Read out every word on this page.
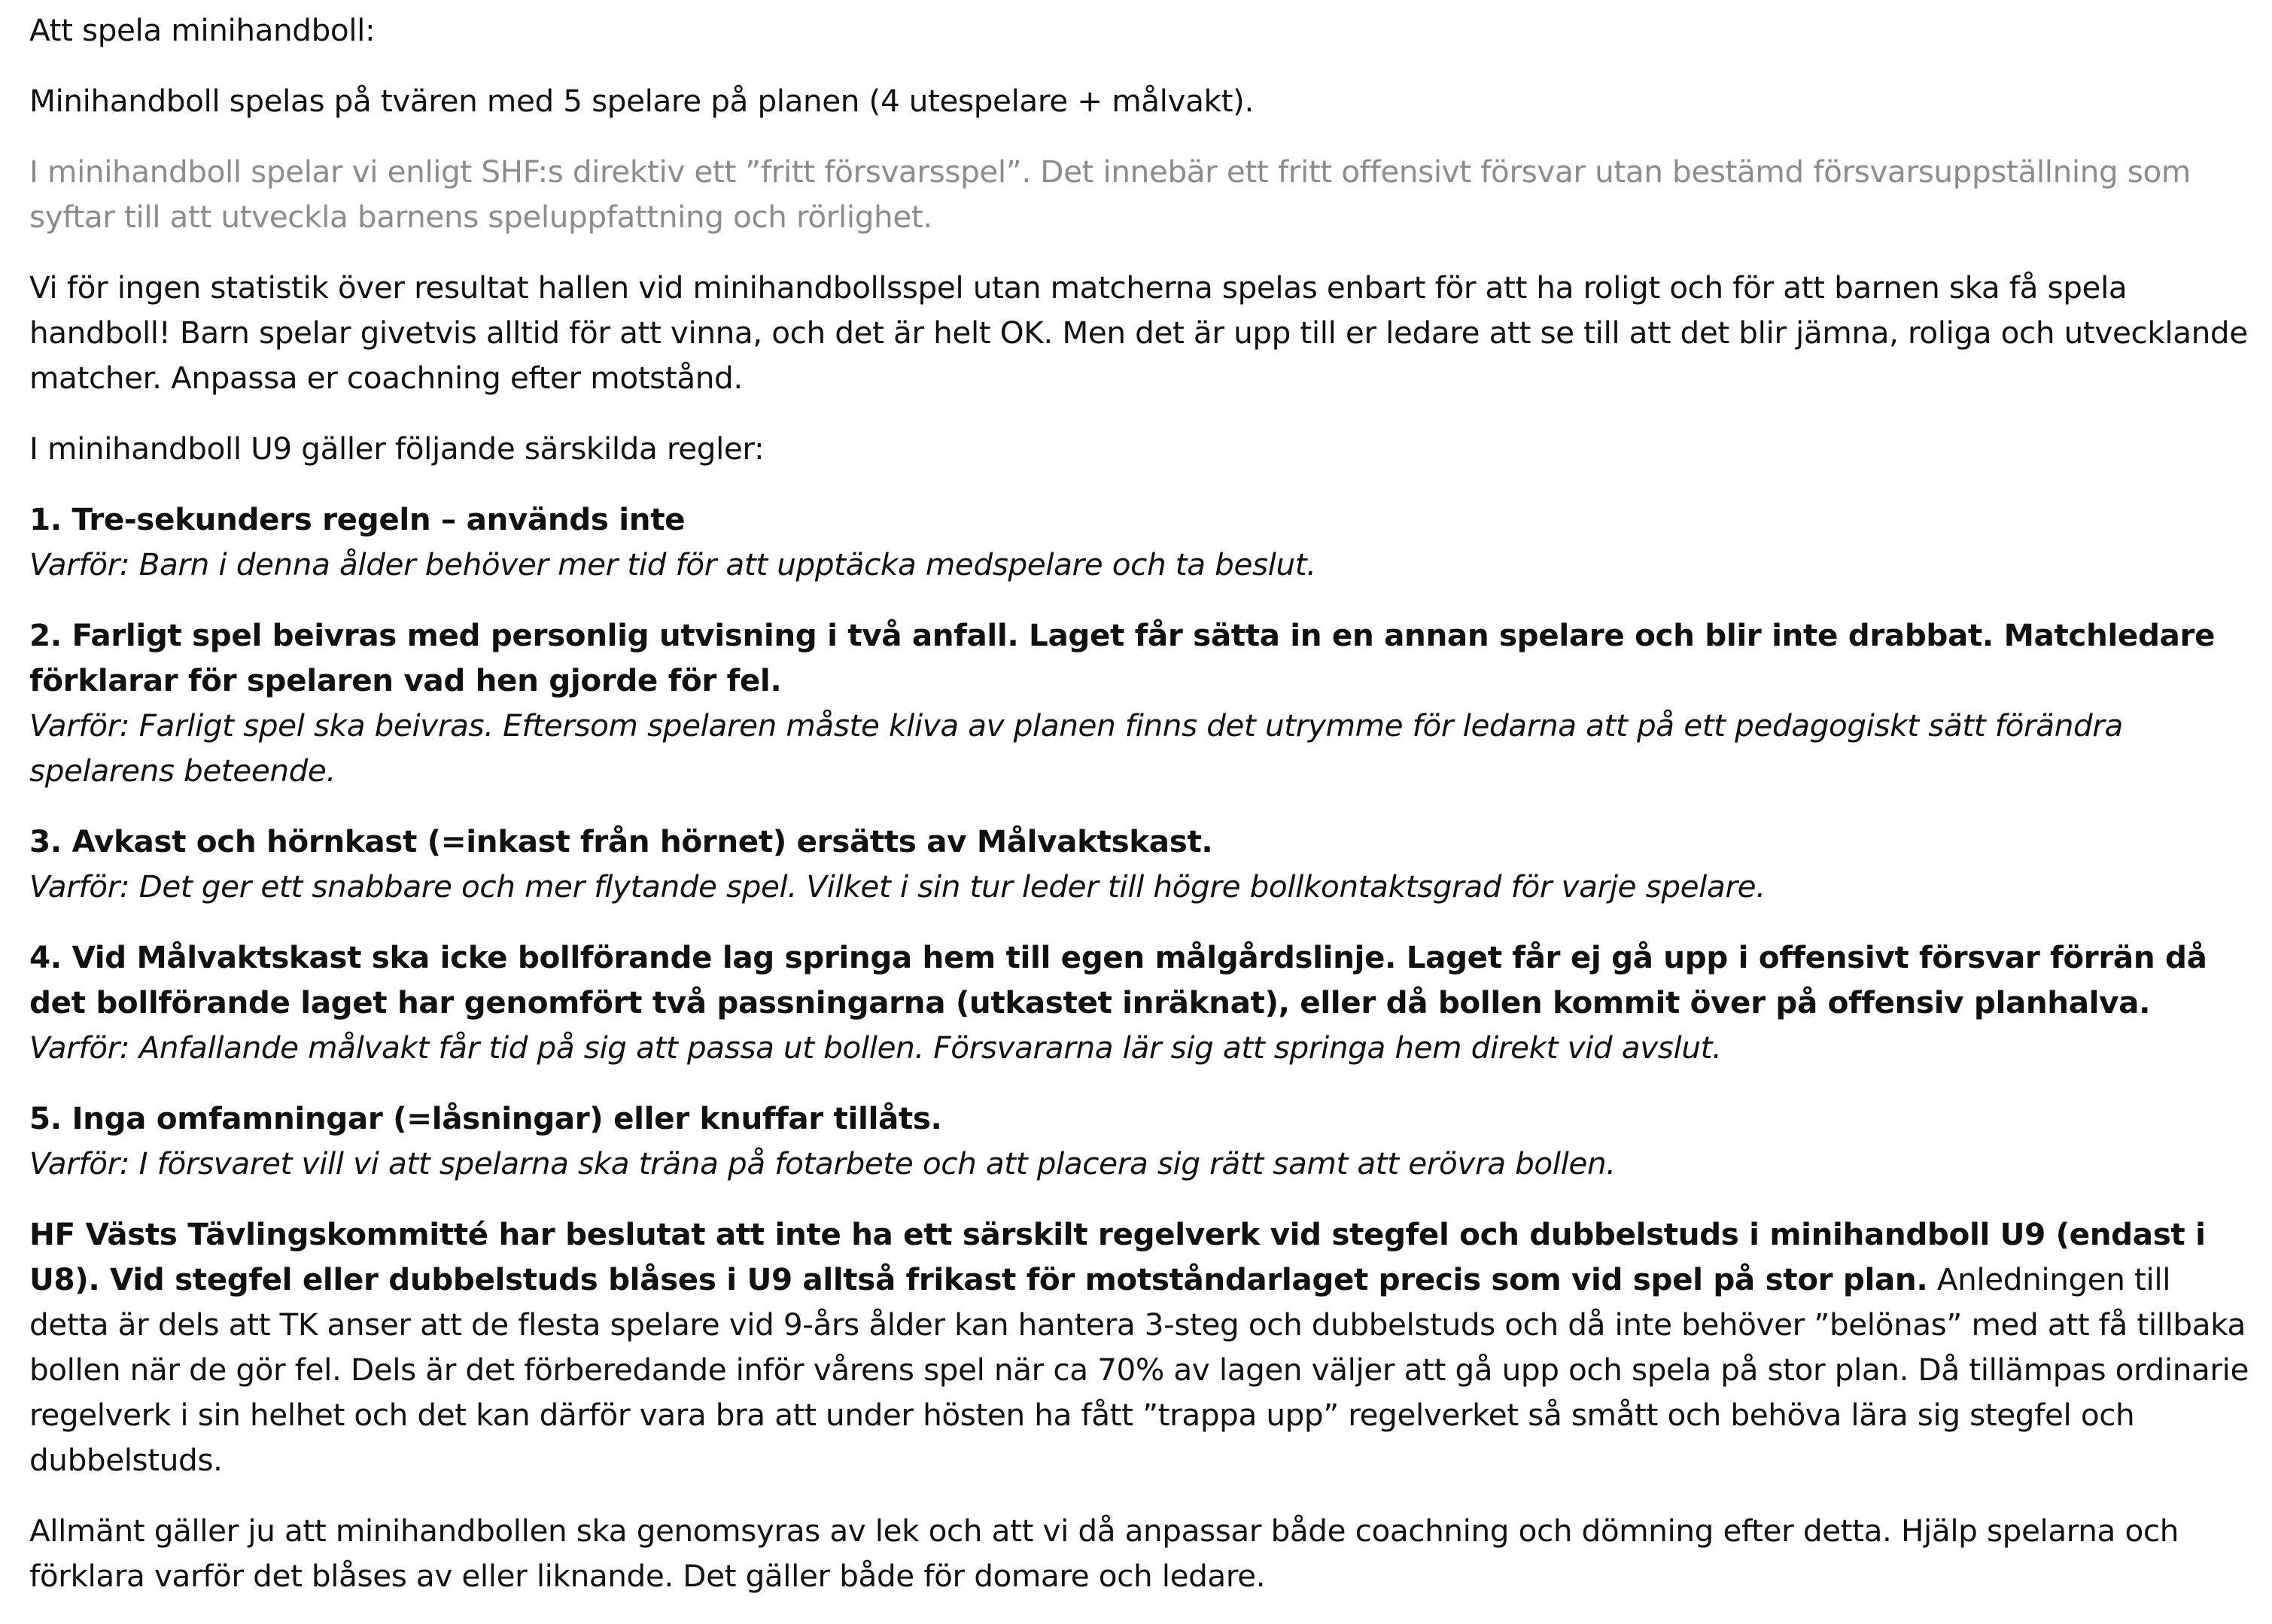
Att spela minihandboll:

Minihandboll spelas på tvären med 5 spelare på planen (4 utespelare + målvakt).

I minihandboll spelar vi enligt SHF:s direktiv ett ”fritt försvarsspel”. Det innebär ett fritt offensivt försvar utan bestämd försvarsuppställning som syftar till att utveckla barnens speluppfattning och rörlighet.

Vi för ingen statistik över resultat hallen vid minihandbollsspel utan matcherna spelas enbart för att ha roligt och för att barnen ska få spela handboll! Barn spelar givetvis alltid för att vinna, och det är helt OK. Men det är upp till er ledare att se till att det blir jämna, roliga och utvecklande matcher. Anpassa er coachning efter motstånd.

I minihandboll U9 gäller följande särskilda regler:

1. Tre-sekunders regeln – används inte
Varför: Barn i denna ålder behöver mer tid för att upptäcka medspelare och ta beslut.

2. Farligt spel beivras med personlig utvisning i två anfall. Laget får sätta in en annan spelare och blir inte drabbat. Matchledare förklarar för spelaren vad hen gjorde för fel.
Varför: Farligt spel ska beivras. Eftersom spelaren måste kliva av planen finns det utrymme för ledarna att på ett pedagogiskt sätt förändra spelarens beteende.

3. Avkast och hörnkast (=inkast från hörnet) ersätts av Målvaktskast.
Varför: Det ger ett snabbare och mer flytande spel. Vilket i sin tur leder till högre bollkontaktsgrad för varje spelare.

4. Vid Målvaktskast ska icke bollförande lag springa hem till egen målgårdslinje. Laget får ej gå upp i offensivt försvar förrän då det bollförande laget har genomfört två passningarna (utkastet inräknat), eller då bollen kommit över på offensiv planhalva.
Varför: Anfallande målvakt får tid på sig att passa ut bollen. Försvararna lär sig att springa hem direkt vid avslut.

5. Inga omfamningar (=låsningar) eller knuffar tillåts.
Varför: I försvaret vill vi att spelarna ska träna på fotarbete och att placera sig rätt samt att erövra bollen.

HF Västs Tävlingskommitté har beslutat att inte ha ett särskilt regelverk vid stegfel och dubbelstuds i minihandboll U9 (endast i U8). Vid stegfel eller dubbelstuds blåses i U9 alltså frikast för motståndarlaget precis som vid spel på stor plan. Anledningen till detta är dels att TK anser att de flesta spelare vid 9-års ålder kan hantera 3-steg och dubbelstuds och då inte behöver ”belönas” med att få tillbaka bollen när de gör fel. Dels är det förberedande inför vårens spel när ca 70% av lagen väljer att gå upp och spela på stor plan. Då tillämpas ordinarie regelverk i sin helhet och det kan därför vara bra att under hösten ha fått ”trappa upp” regelverket så smått och behöva lära sig stegfel och dubbelstuds.

Allmänt gäller ju att minihandbollen ska genomsyras av lek och att vi då anpassar både coachning och dömning efter detta. Hjälp spelarna och förklara varför det blåses av eller liknande. Det gäller både för domare och ledare.
